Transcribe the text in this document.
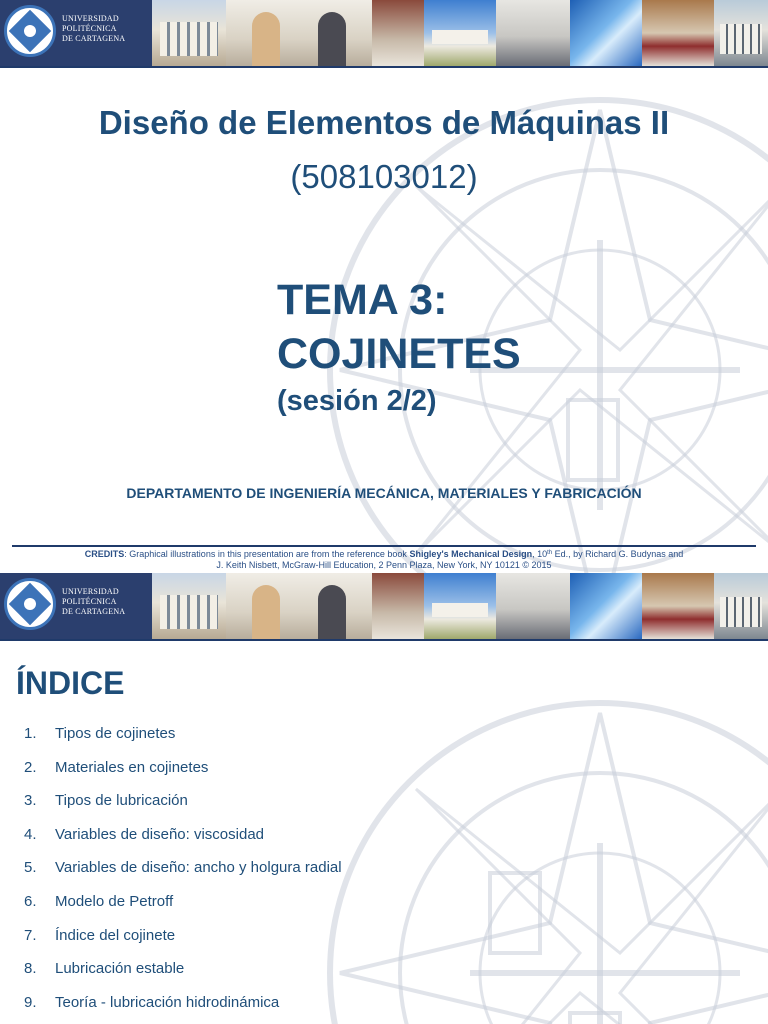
UNIVERSIDAD
POLITÉCNICA
DE CARTAGENA
Diseño de Elementos de Máquinas II
(508103012)
TEMA 3:
COJINETES
(sesión 2/2)
DEPARTAMENTO DE INGENIERÍA MECÁNICA, MATERIALES Y FABRICACIÓN
CREDITS: Graphical illustrations in this presentation are from the reference book Shigley's Mechanical Design, 10th Ed., by Richard G. Budynas and
J. Keith Nisbett, McGraw-Hill Education, 2 Penn Plaza, New York, NY 10121 © 2015
UNIVERSIDAD
POLITÉCNICA
DE CARTAGENA
ÍNDICE
1. Tipos de cojinetes
2. Materiales en cojinetes
3. Tipos de lubricación
4. Variables de diseño: viscosidad
5. Variables de diseño: ancho y holgura radial
6. Modelo de Petroff
7. Índice del cojinete
8. Lubricación estable
9. Teoría - lubricación hidrodinámica
